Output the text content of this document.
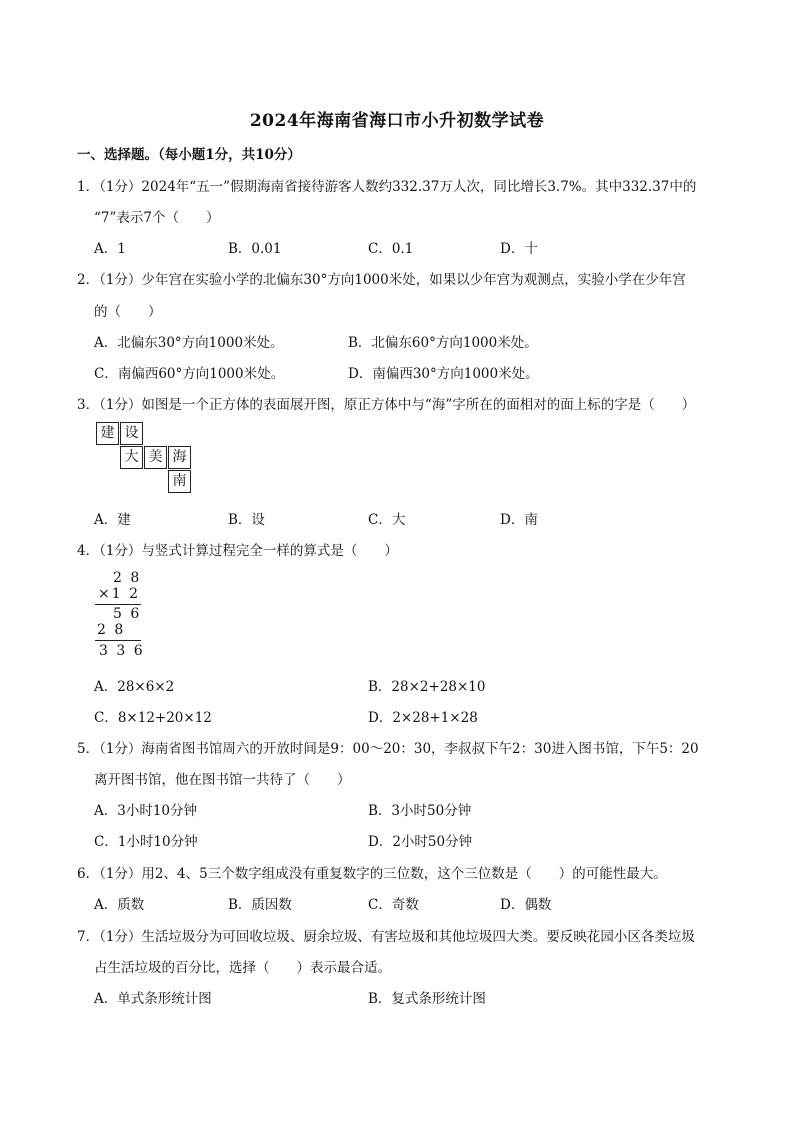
2024年海南省海口市小升初数学试卷
一、选择题。（每小题1分，共10分）
1．（1分）2024年“五一”假期海南省接待游客人数约332.37万人次，同比增长3.7%。其中332.37中的
“7”表示7个（　　）
A．1	B．0.01	C．0.1	D．十
2．（1分）少年宫在实验小学的北偏东30°方向1000米处，如果以少年宫为观测点，实验小学在少年宫
的（　　）
A．北偏东30°方向1000米处。	B．北偏东60°方向1000米处。
C．南偏西60°方向1000米处。	D．南偏西30°方向1000米处。
3．（1分）如图是一个正方体的表面展开图，原正方体中与“海”字所在的面相对的面上标的字是（　　）
建 设
大 美 海
南
A．建	B．设	C．大	D．南
4．（1分）与竖式计算过程完全一样的算式是（　　）
2 8
×1 2
5 6
2 8
3 3 6
A．28×6×2	B．28×2+28×10
C．8×12+20×12	D．2×28+1×28
5．（1分）海南省图书馆周六的开放时间是9：00～20：30，李叔叔下午2：30进入图书馆，下午5：20
离开图书馆，他在图书馆一共待了（　　）
A．3小时10分钟	B．3小时50分钟
C．1小时10分钟	D．2小时50分钟
6．（1分）用2、4、5三个数字组成没有重复数字的三位数，这个三位数是（　　）的可能性最大。
A．质数	B．质因数	C．奇数	D．偶数
7．（1分）生活垃圾分为可回收垃圾、厨余垃圾、有害垃圾和其他垃圾四大类。要反映花园小区各类垃圾
占生活垃圾的百分比，选择（　　）表示最合适。
A．单式条形统计图	B．复式条形统计图
